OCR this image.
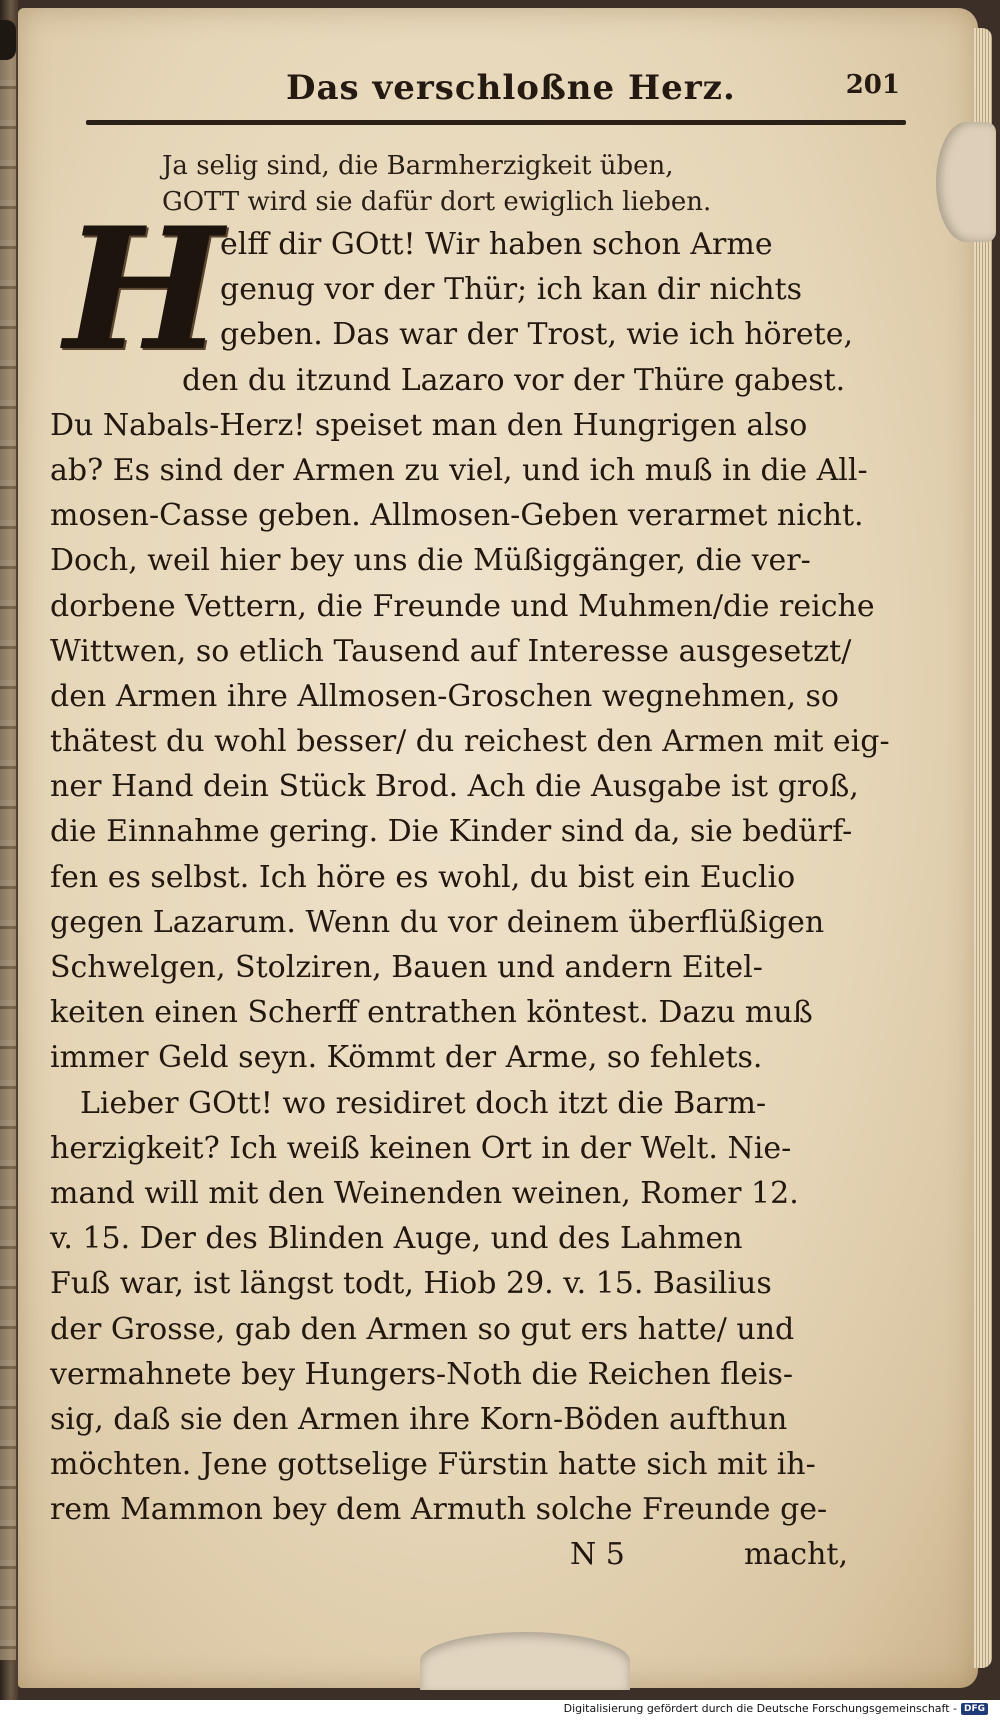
Das verschloßne Herz.	201
Ja selig sind, die Barmherzigkeit üben,
GOTT wird sie dafür dort ewiglich lieben.
H
elff dir GOtt! Wir haben schon Arme
genug vor der Thür; ich kan dir nichts
geben. Das war der Trost, wie ich hörete,
den du itzund Lazaro vor der Thüre gabest.
Du Nabals-Herz! speiset man den Hungrigen also
ab? Es sind der Armen zu viel, und ich muß in die All-
mosen-Casse geben. Allmosen-Geben verarmet nicht.
Doch, weil hier bey uns die Müßiggänger, die ver-
dorbene Vettern, die Freunde und Muhmen/die reiche
Wittwen, so etlich Tausend auf Interesse ausgesetzt/
den Armen ihre Allmosen-Groschen wegnehmen, so
thätest du wohl besser/ du reichest den Armen mit eig-
ner Hand dein Stück Brod. Ach die Ausgabe ist groß,
die Einnahme gering. Die Kinder sind da, sie bedürf-
fen es selbst. Ich höre es wohl, du bist ein Euclio
gegen Lazarum. Wenn du vor deinem überflüßigen
Schwelgen, Stolziren, Bauen und andern Eitel-
keiten einen Scherff entrathen köntest. Dazu muß
immer Geld seyn. Kömmt der Arme, so fehlets.
Lieber GOtt! wo residiret doch itzt die Barm-
herzigkeit? Ich weiß keinen Ort in der Welt. Nie-
mand will mit den Weinenden weinen, Romer 12.
v. 15. Der des Blinden Auge, und des Lahmen
Fuß war, ist längst todt, Hiob 29. v. 15. Basilius
der Grosse, gab den Armen so gut ers hatte/ und
vermahnete bey Hungers-Noth die Reichen fleis-
sig, daß sie den Armen ihre Korn-Böden aufthun
möchten. Jene gottselige Fürstin hatte sich mit ih-
rem Mammon bey dem Armuth solche Freunde ge-
N 5	macht,
Digitalisierung gefördert durch die Deutsche Forschungsgemeinschaft - DFG
